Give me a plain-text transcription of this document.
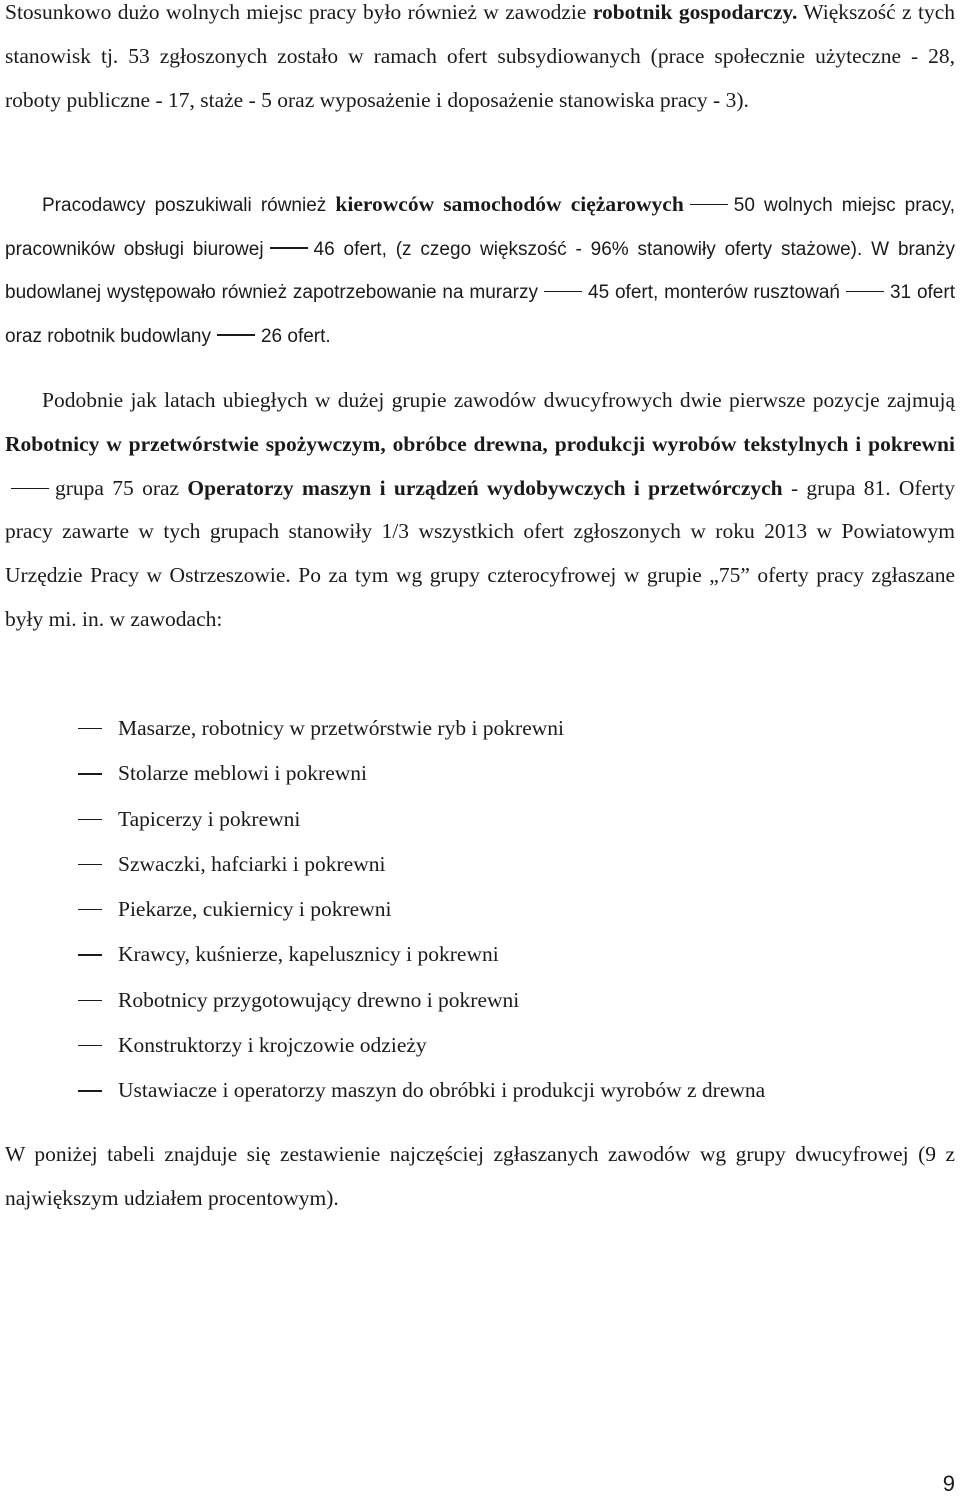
Stosunkowo dużo wolnych miejsc pracy było również w zawodzie robotnik gospodarczy. Większość z tych stanowisk tj. 53 zgłoszonych zostało w ramach ofert subsydiowanych (prace społecznie użyteczne - 28, roboty publiczne - 17, staże - 5 oraz wyposażenie i doposażenie stanowiska pracy - 3).

Pracodawcy poszukiwali również kierowców samochodów ciężarowych	50 wolnych miejsc pracy, pracowników obsługi biurowej	46 ofert, (z czego większość - 96% stanowiły oferty stażowe). W branży budowlanej występowało również zapotrzebowanie na murarzy	45 ofert, monterów rusztowań	31 ofert oraz robotnik budowlany	26 ofert.

Podobnie jak latach ubiegłych w dużej grupie zawodów dwucyfrowych dwie pierwsze pozycje zajmują Robotnicy w przetwórstwie spożywczym, obróbce drewna, produkcji wyrobów tekstylnych i pokrewnigrupa 75 oraz Operatorzy maszyn i urządzeń wydobywczych i przetwórczych - grupa 81. Oferty pracy zawarte w tych grupach stanowiły 1/3 wszystkich ofert zgłoszonych w roku 2013 w Powiatowym Urzędzie Pracy w Ostrzeszowie. Po za tym wg grupy czterocyfrowej w grupie „75” oferty pracy zgłaszane były mi. in. w zawodach:

Masarze, robotnicy w przetwórstwie ryb i pokrewni
Stolarze meblowi i pokrewni
Tapicerzy i pokrewni
Szwaczki, hafciarki i pokrewni
Piekarze, cukiernicy i pokrewni
Krawcy, kuśnierze, kapelusznicy i pokrewni
Robotnicy przygotowujący drewno i pokrewni
Konstruktorzy i krojczowie odzieży
Ustawiacze i operatorzy maszyn do obróbki i produkcji wyrobów z drewna

W poniżej tabeli znajduje się zestawienie najczęściej zgłaszanych zawodów wg grupy dwucyfrowej (9 z największym udziałem procentowym).

9
